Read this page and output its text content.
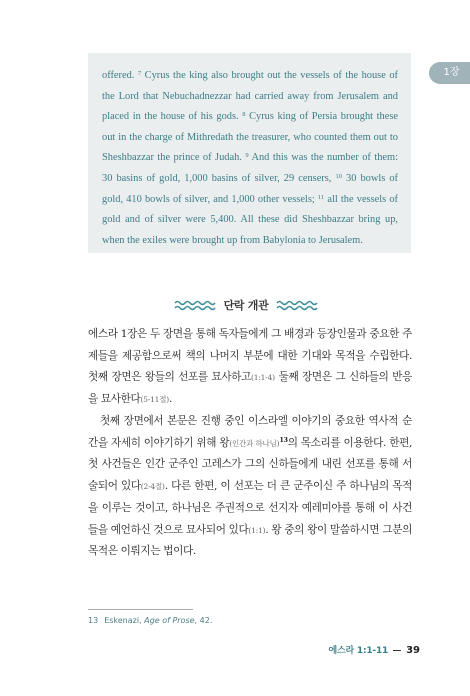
offered. $^7$ Cyrus the king also brought out the vessels of the house of the Lord that Nebuchadnezzar had carried away from Jerusalem and placed in the house of his gods. $^8$ Cyrus king of Persia brought these out in the charge of Mithredath the treasurer, who counted them out to Sheshbazzar the prince of Judah. $^9$ And this was the number of them: 30 basins of gold, 1,000 basins of silver, 29 censers, $^{10}$ 30 bowls of gold, 410 bowls of silver, and 1,000 other vessels; $^{11}$ all the vessels of gold and of silver were 5,400. All these did Sheshbazzar bring up, when the exiles were brought up from Babylonia to Jerusalem.

1장
단락 개관

에스라 1장은 두 장면을 통해 독자들에게 그 배경과 등장인물과 중요한 주제들을 제공함으로써 책의 나머지 부분에 대한 기대와 목적을 수립한다. 첫째 장면은 왕들의 선포를 묘사하고(1:1-4) 둘째 장면은 그 신하들의 반응을 묘사한다(5-11절).

첫째 장면에서 본문은 진행 중인 이스라엘 이야기의 중요한 역사적 순간을 자세히 이야기하기 위해 왕(인간과 하나님)$^{13}$의 목소리를 이용한다. 한편, 첫 사건들은 인간 군주인 고레스가 그의 신하들에게 내린 선포를 통해 서술되어 있다(2-4절). 다른 한편, 이 선포는 더 큰 군주이신 주 하나님의 목적을 이루는 것이고, 하나님은 주권적으로 선지자 예레미야를 통해 이 사건들을 예언하신 것으로 묘사되어 있다(1:1). 왕 중의 왕이 말씀하시면 그분의 목적은 이뤄지는 법이다.

13 Eskenazi, Age of Prose, 42.
에스라 1:1-11 39
